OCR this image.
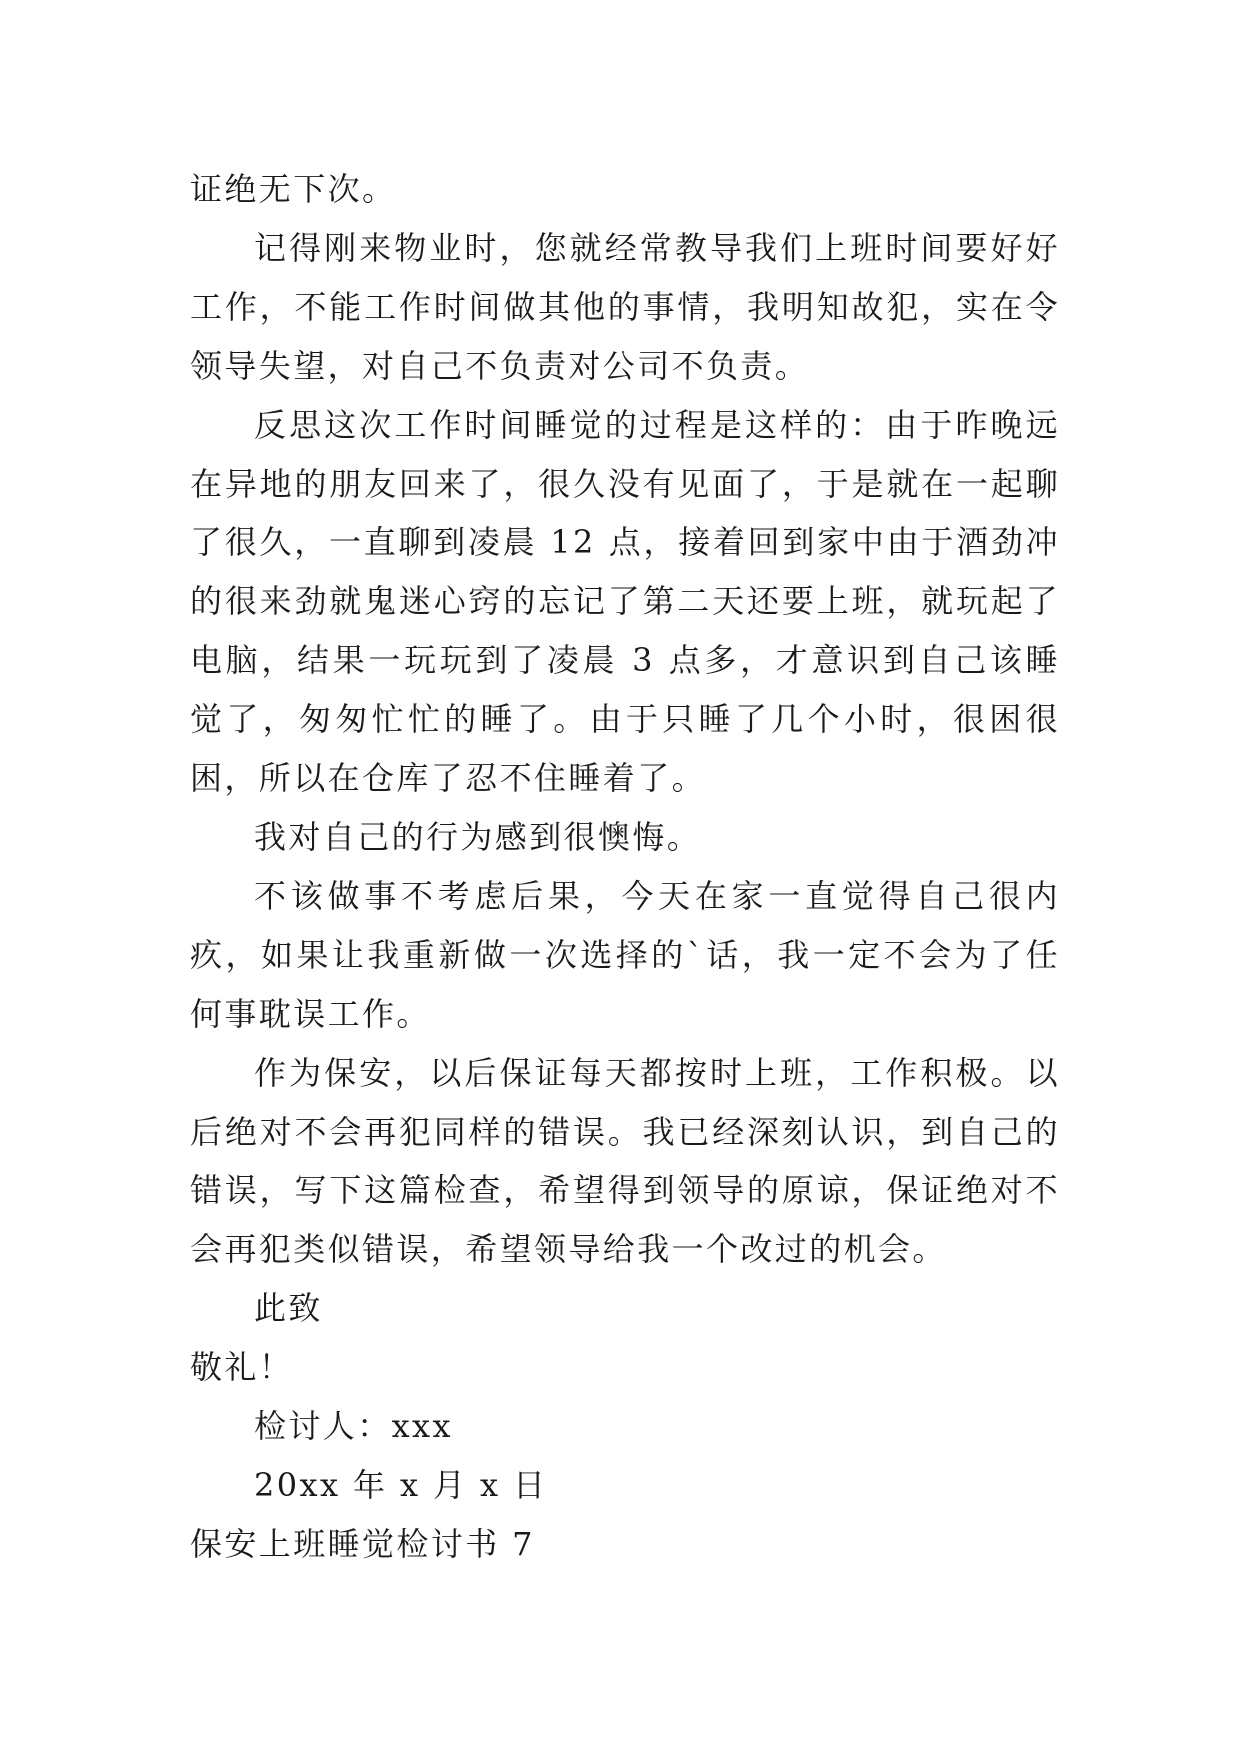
证绝无下次。

记得刚来物业时，您就经常教导我们上班时间要好好工作，不能工作时间做其他的事情，我明知故犯，实在令领导失望，对自己不负责对公司不负责。

反思这次工作时间睡觉的过程是这样的：由于昨晚远在异地的朋友回来了，很久没有见面了，于是就在一起聊了很久，一直聊到凌晨 12 点，接着回到家中由于酒劲冲的很来劲就鬼迷心窍的忘记了第二天还要上班，就玩起了电脑，结果一玩玩到了凌晨 3 点多，才意识到自己该睡觉了，匆匆忙忙的睡了。由于只睡了几个小时，很困很困，所以在仓库了忍不住睡着了。

我对自己的行为感到很懊悔。

不该做事不考虑后果，今天在家一直觉得自己很内疚，如果让我重新做一次选择的`话，我一定不会为了任何事耽误工作。

作为保安，以后保证每天都按时上班，工作积极。以后绝对不会再犯同样的错误。我已经深刻认识，到自己的错误，写下这篇检查，希望得到领导的原谅，保证绝对不会再犯类似错误，希望领导给我一个改过的机会。

此致

敬礼！

检讨人：xxx

20xx 年 x 月 x 日

保安上班睡觉检讨书 7
